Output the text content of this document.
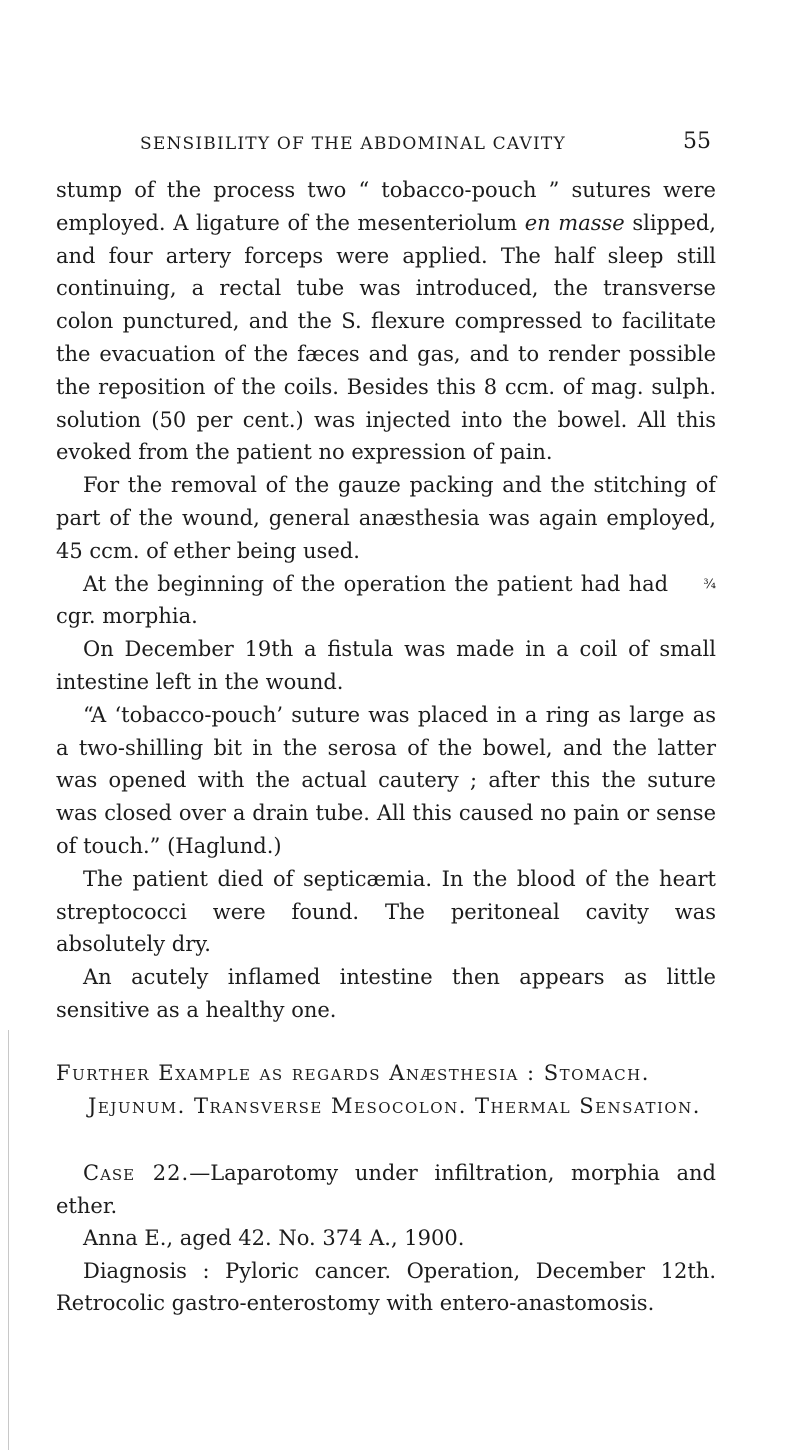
SENSIBILITY OF THE ABDOMINAL CAVITY	55

stump of the process two “ tobacco-pouch ” sutures were employed. A ligature of the mesenteriolum en masse slipped, and four artery forceps were applied. The half sleep still continuing, a rectal tube was introduced, the transverse colon punctured, and the S. flexure compressed to facilitate the evacuation of the fæces and gas, and to render possible the reposition of the coils. Besides this 8 ccm. of mag. sulph. solution (50 per cent.) was injected into the bowel. All this evoked from the patient no expression of pain.

For the removal of the gauze packing and the stitching of part of the wound, general anæsthesia was again employed, 45 ccm. of ether being used.

At the beginning of the operation the patient had had	¾ cgr. morphia.

On December 19th a fistula was made in a coil of small intestine left in the wound.

“A ‘tobacco-pouch’ suture was placed in a ring as large as a two-shilling bit in the serosa of the bowel, and the latter was opened with the actual cautery ; after this the suture was closed over a drain tube. All this caused no pain or sense of touch.” (Haglund.)

The patient died of septicæmia. In the blood of the heart streptococci were found. The peritoneal cavity was absolutely dry.

An acutely inflamed intestine then appears as little sensitive as a healthy one.

Further Example as regards Anæsthesia : Stomach. Jejunum. Transverse Mesocolon. Thermal Sensation.

Case 22.—Laparotomy under infiltration, morphia and ether.

Anna E., aged 42. No. 374 A., 1900.

Diagnosis : Pyloric cancer. Operation, December 12th. Retrocolic gastro-enterostomy with entero-anastomosis.
